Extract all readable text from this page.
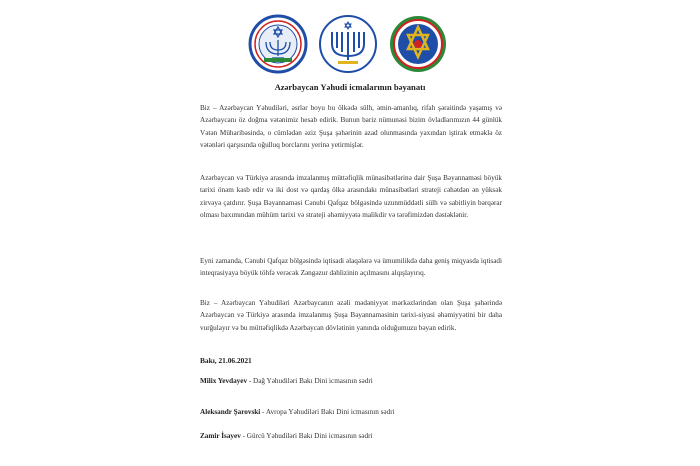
Azərbaycan Yəhudi icmalarının bəyanatı

Biz – Azərbaycan Yəhudiləri, əsrlər boyu bu ölkədə sülh, əmin-amanlıq, rifah şəraitində yaşamış və Azərbaycanı öz doğma vətənimiz hesab edirik. Bunun bariz nümunəsi bizim övladlarımızın 44 günlük Vətən Müharibəsində, o cümlədən əziz Şuşa şəhərinin azad olunmasında yaxından iştirak etməklə öz vətənləri qarşısında oğulluq borclarını yerinə yetirmişlər.

Azərbaycan və Türkiyə arasında imzalanmış müttəfiqlik münasibətlərinə dair Şuşa Bəyannaməsi böyük tarixi önəm kəsb edir və iki dost və qardaş ölkə arasındakı münasibətləri strateji cəhətdən ən yüksək zirvəyə çatdırır. Şuşa Bəyannaməsi Cənubi Qafqaz bölgəsində uzunmüddətli sülh və sabitliyin bərqərar olması baxımından mühüm tarixi və strateji əhəmiyyətə malikdir və tərəfimizdən dəstəklənir.

Eyni zamanda, Cənubi Qafqaz bölgəsində iqtisadi əlaqələrə və ümumilikdə daha geniş miqyasda iqtisadi inteqrasiyaya böyük töhfə verəcək Zəngəzur dəhlizinin açılmasını alqışlayırıq.

Biz – Azərbaycan Yəhudiləri Azərbaycanın əzəli mədəniyyət mərkəzlərindən olan Şuşa şəhərində Azərbaycan və Türkiyə arasında imzalanmış Şuşa Bəyannaməsinin tarixi-siyasi əhəmiyyətini bir daha vurğulayır və bu müttəfiqlikdə Azərbaycan dövlətinin yanında olduğumuzu bəyan edirik.

Bakı, 21.06.2021
Milix Yevdayev - Dağ Yəhudiləri Bakı Dini icmasının sədri
Aleksandr Şarovski - Avropa Yəhudiləri Bakı Dini icmasının sədri
Zamir İsayev - Gürcü Yəhudiləri Bakı Dini icmasının sədri
